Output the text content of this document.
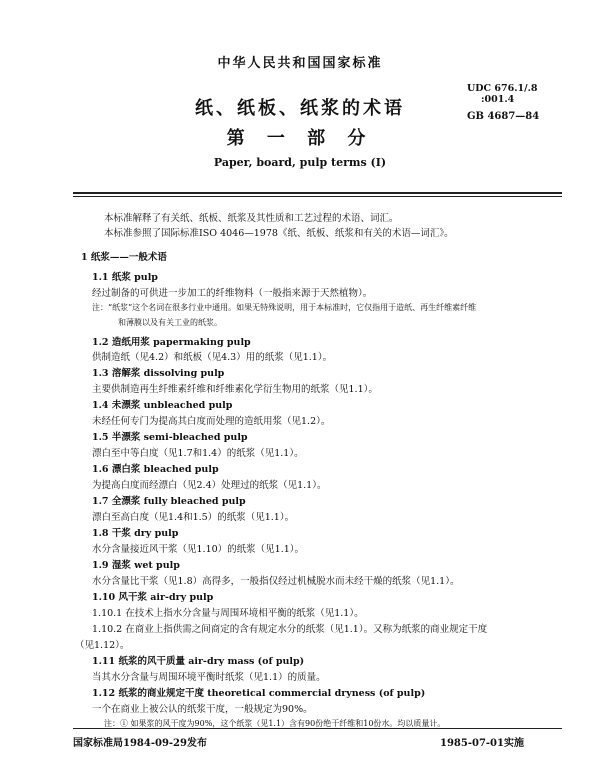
中华人民共和国国家标准
UDC 676.1/.8
:001.4
GB 4687—84
纸、纸板、纸浆的术语
第 一 部 分
Paper, board, pulp terms (I)
本标准解释了有关纸、纸板、纸浆及其性质和工艺过程的术语、词汇。
本标准参照了国际标准ISO 4046—1978《纸、纸板、纸浆和有关的术语—词汇》。
1 纸浆——一般术语
1.1 纸浆 pulp
经过制备的可供进一步加工的纤维物料（一般指来源于天然植物）。
注：“纸浆”这个名词在很多行业中通用。如果无特殊说明，用于本标准时，它仅指用于造纸、再生纤维素纤维
和薄膜以及有关工业的纸浆。
1.2 造纸用浆 papermaking pulp
供制造纸（见4.2）和纸板（见4.3）用的纸浆（见1.1）。
1.3 溶解浆 dissolving pulp
主要供制造再生纤维素纤维和纤维素化学衍生物用的纸浆（见1.1）。
1.4 未漂浆 unbleached pulp
未经任何专门为提高其白度而处理的造纸用浆（见1.2）。
1.5 半漂浆 semi-bleached pulp
漂白至中等白度（见1.7和1.4）的纸浆（见1.1）。
1.6 漂白浆 bleached pulp
为提高白度而经漂白（见2.4）处理过的纸浆（见1.1）。
1.7 全漂浆 fully bleached pulp
漂白至高白度（见1.4和1.5）的纸浆（见1.1）。
1.8 干浆 dry pulp
水分含量接近风干浆（见1.10）的纸浆（见1.1）。
1.9 湿浆 wet pulp
水分含量比干浆（见1.8）高得多，一般指仅经过机械脱水而未经干燥的纸浆（见1.1）。
1.10 风干浆 air-dry pulp
1.10.1 在技术上指水分含量与周围环境相平衡的纸浆（见1.1）。
1.10.2 在商业上指供需之间商定的含有规定水分的纸浆（见1.1）。又称为纸浆的商业规定干度
（见1.12）。
1.11 纸浆的风干质量 air-dry mass (of pulp)
当其水分含量与周围环境平衡时纸浆（见1.1）的质量。
1.12 纸浆的商业规定干度 theoretical commercial dryness (of pulp)
一个在商业上被公认的纸浆干度，一般规定为90%。
注：① 如果浆的风干度为90%，这个纸浆（见1.1）含有90份绝干纤维和10份水。均以质量计。
国家标准局1984-09-29发布	1985-07-01实施
